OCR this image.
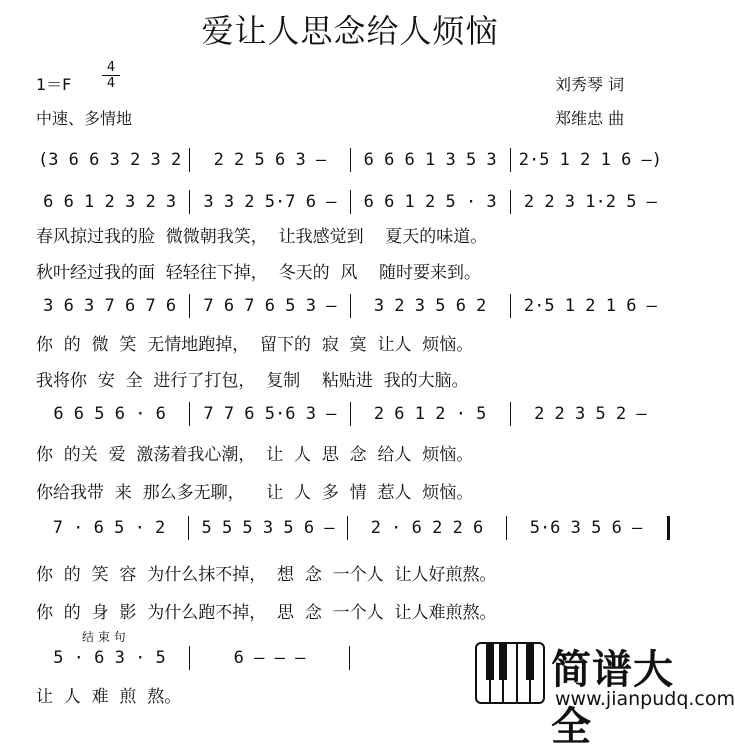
爱让人思念给人烦恼
1＝F
4
4
中速、多情地
刘秀琴 词
郑维忠 曲
(3 6 6 3 2 3 2	2 2 5 6 3 —	6 6 6 1 3 5 3	2·5 1 2 1 6 —)
6 6 1 2 3 2 3	3 3 2 5·7 6 —	6 6 1 2 5 · 3	2 2 3 1·2 5 —
春风掠过我的脸  微微朝我笑，  让我感觉到    夏天的味道。
秋叶经过我的面  轻轻往下掉，  冬天的  风    随时要来到。
3 6 3 7 6 7 6	7 6 7 6 5 3 —	3 2 3 5 6 2	2·5 1 2 1 6 —
你  的  微  笑  无情地跑掉，  留下的  寂  寞  让人  烦恼。
我将你  安  全  进行了打包，  复制    粘贴进  我的大脑。
6 6 5 6 · 6	7 7 6 5·6 3 —	2 6 1 2 · 5	2 2 3 5 2 —
你  的关  爱  激荡着我心潮，  让  人  思  念  给人  烦恼。
你给我带  来  那么多无聊，    让  人  多  情  惹人  烦恼。
7 · 6 5 · 2	5 5 5 3 5 6 —	2 · 6 2 2 6	5·6 3 5 6 —
你  的  笑  容  为什么抹不掉，  想  念  一个人  让人好煎熬。
你  的  身  影  为什么跑不掉，  思  念  一个人  让人难煎熬。
结 束 句
5 · 6 3 · 5	6 — — —
让  人  难  煎  熬。
简谱大全
www.jianpudq.com
